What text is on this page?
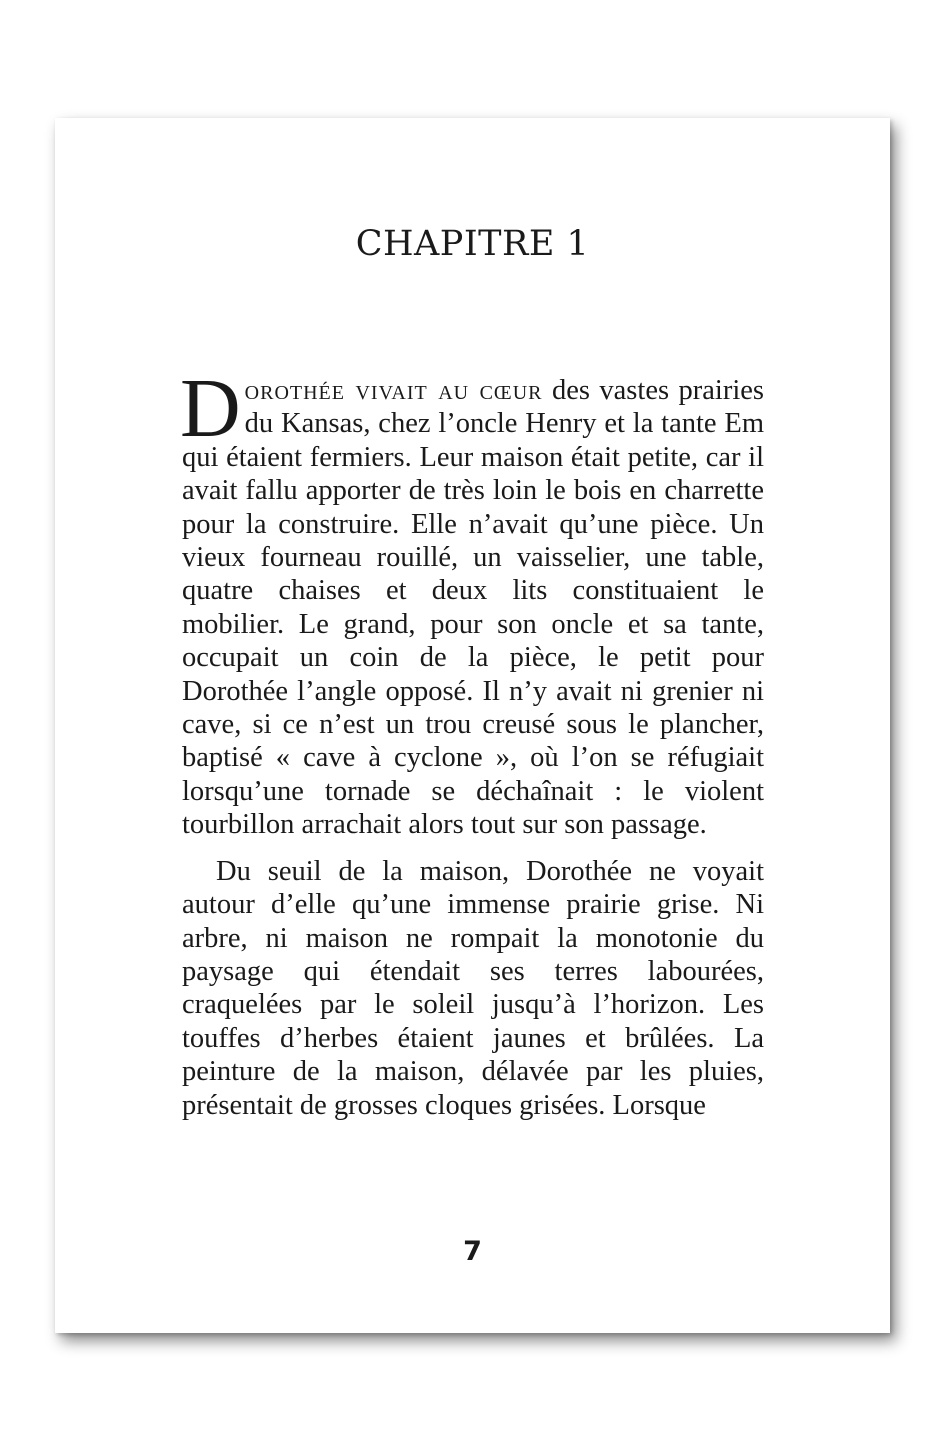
CHAPITRE 1

Dorothée vivait au cœur des vastes prairies du Kansas, chez l’oncle Henry et la tante Em qui étaient fermiers. Leur maison était petite, car il avait fallu apporter de très loin le bois en charrette pour la construire. Elle n’avait qu’une pièce. Un vieux fourneau rouillé, un vaisselier, une table, quatre chaises et deux lits constituaient le mobilier. Le grand, pour son oncle et sa tante, occupait un coin de la pièce, le petit pour Dorothée l’angle opposé. Il n’y avait ni grenier ni cave, si ce n’est un trou creusé sous le plancher, baptisé « cave à cyclone », où l’on se réfugiait lorsqu’une tornade se déchaînait : le violent tourbillon arrachait alors tout sur son passage.

Du seuil de la maison, Dorothée ne voyait autour d’elle qu’une immense prairie grise. Ni arbre, ni maison ne rompait la monotonie du paysage qui étendait ses terres labourées, craquelées par le soleil jusqu’à l’horizon. Les touffes d’herbes étaient jaunes et brûlées. La peinture de la maison, délavée par les pluies, présentait de grosses cloques grisées. Lorsque

7
